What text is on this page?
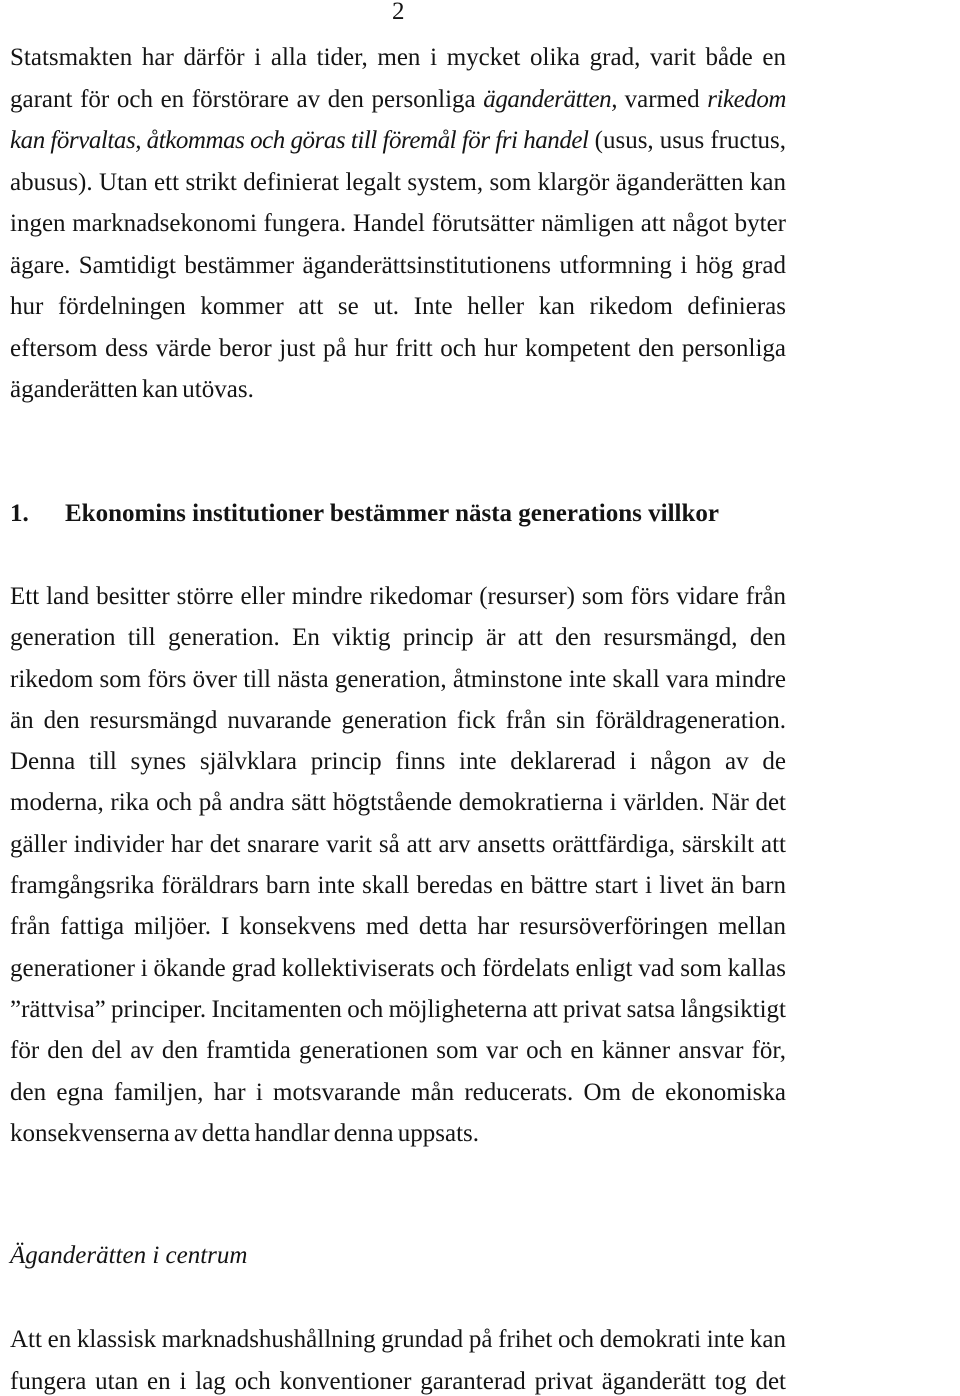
2
Statsmakten har därför i alla tider, men i mycket olika grad, varit både en
garant för och en förstörare av den personliga äganderätten, varmed rikedom
kan förvaltas, åtkommas och göras till föremål för fri handel (usus, usus fructus,
abusus). Utan ett strikt definierat legalt system, som klargör äganderätten kan
ingen marknadsekonomi fungera. Handel förutsätter nämligen att något byter
ägare. Samtidigt bestämmer äganderättsinstitutionens utformning i hög grad
hur fördelningen kommer att se ut. Inte heller kan rikedom definieras
eftersom dess värde beror just på hur fritt och hur kompetent den personliga
äganderätten kan utövas.
1. Ekonomins institutioner bestämmer nästa generations villkor
Ett land besitter större eller mindre rikedomar (resurser) som förs vidare från
generation till generation. En viktig princip är att den resursmängd, den
rikedom som förs över till nästa generation, åtminstone inte skall vara mindre
än den resursmängd nuvarande generation fick från sin föräldrageneration.
Denna till synes självklara princip finns inte deklarerad i någon av de
moderna, rika och på andra sätt högtstående demokratierna i världen. När det
gäller individer har det snarare varit så att arv ansetts orättfärdiga, särskilt att
framgångsrika föräldrars barn inte skall beredas en bättre start i livet än barn
från fattiga miljöer. I konsekvens med detta har resursöverföringen mellan
generationer i ökande grad kollektiviserats och fördelats enligt vad som kallas
”rättvisa” principer. Incitamenten och möjligheterna att privat satsa långsiktigt
för den del av den framtida generationen som var och en känner ansvar för,
den egna familjen, har i motsvarande mån reducerats. Om de ekonomiska
konsekvenserna av detta handlar denna uppsats.
Äganderätten i centrum
Att en klassisk marknadshushållning grundad på frihet och demokrati inte kan
fungera utan en i lag och konventioner garanterad privat äganderätt tog det
